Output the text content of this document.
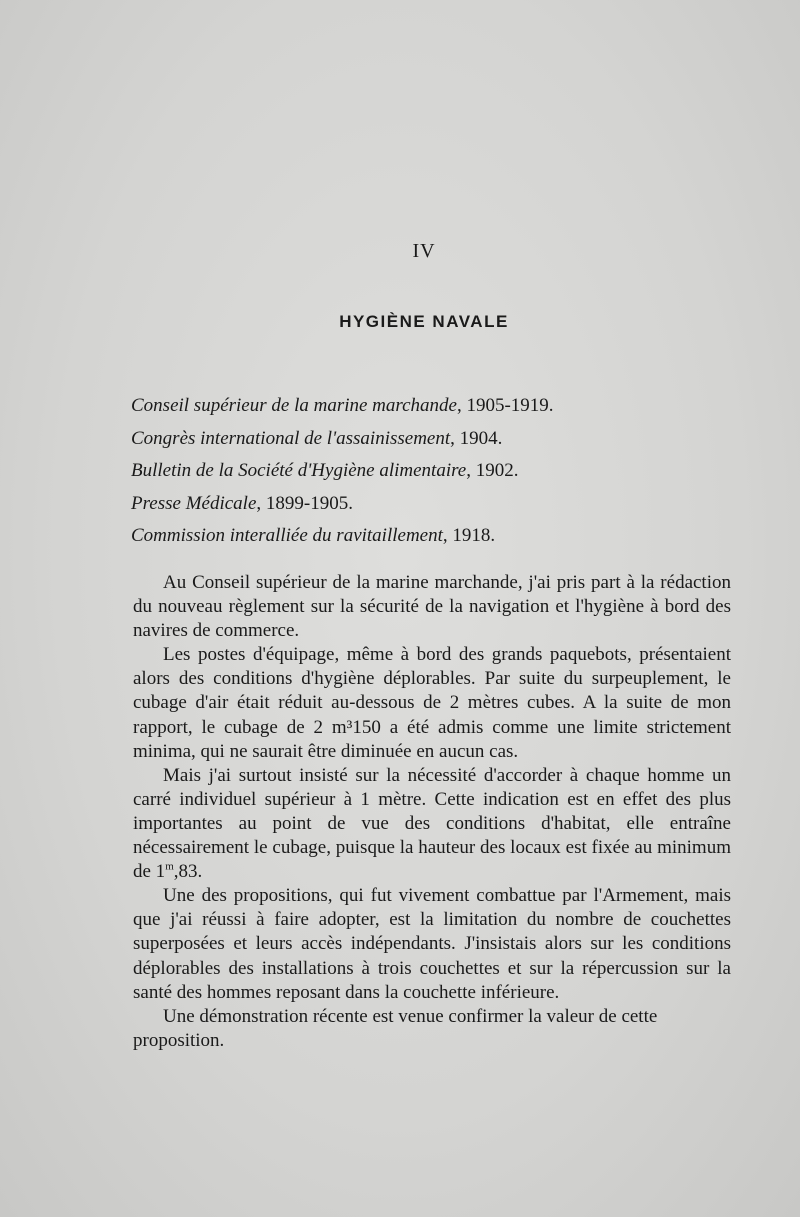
IV
HYGIÈNE NAVALE
Conseil supérieur de la marine marchande, 1905-1919.
Congrès international de l'assainissement, 1904.
Bulletin de la Société d'Hygiène alimentaire, 1902.
Presse Médicale, 1899-1905.
Commission interalliée du ravitaillement, 1918.

Au Conseil supérieur de la marine marchande, j'ai pris part à la rédaction du nouveau règlement sur la sécurité de la navigation et l'hygiène à bord des navires de commerce.

Les postes d'équipage, même à bord des grands paquebots, présentaient alors des conditions d'hygiène déplorables. Par suite du surpeuplement, le cubage d'air était réduit au-dessous de 2 mètres cubes. A la suite de mon rapport, le cubage de 2 m³150 a été admis comme une limite strictement minima, qui ne saurait être diminuée en aucun cas.

Mais j'ai surtout insisté sur la nécessité d'accorder à chaque homme un carré individuel supérieur à 1 mètre. Cette indication est en effet des plus importantes au point de vue des conditions d'habitat, elle entraîne nécessairement le cubage, puisque la hauteur des locaux est fixée au minimum de 1$^m$,83.

Une des propositions, qui fut vivement combattue par l'Armement, mais que j'ai réussi à faire adopter, est la limitation du nombre de couchettes superposées et leurs accès indépendants. J'insistais alors sur les conditions déplorables des installations à trois couchettes et sur la répercussion sur la santé des hommes reposant dans la couchette inférieure.

Une démonstration récente est venue confirmer la valeur de cette proposition.
